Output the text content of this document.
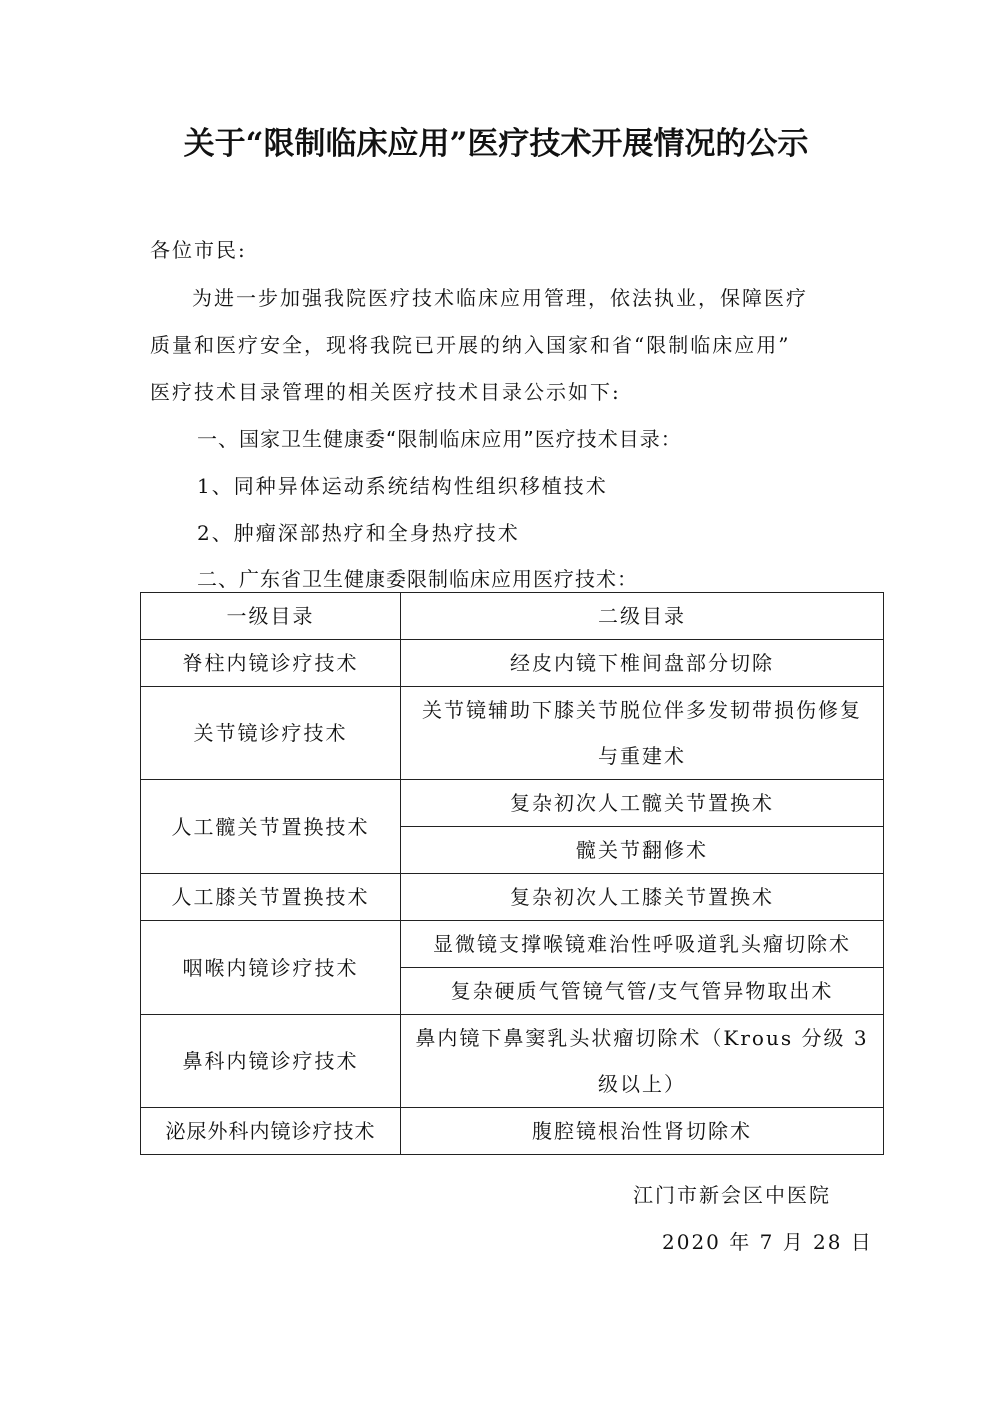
关于“限制临床应用”医疗技术开展情况的公示
各位市民:
为进一步加强我院医疗技术临床应用管理，依法执业，保障医疗
质量和医疗安全，现将我院已开展的纳入国家和省“限制临床应用”
医疗技术目录管理的相关医疗技术目录公示如下:
一、国家卫生健康委“限制临床应用”医疗技术目录：
1、同种异体运动系统结构性组织移植技术
2、肿瘤深部热疗和全身热疗技术
二、广东省卫生健康委限制临床应用医疗技术：
一级目录	二级目录
脊柱内镜诊疗技术	经皮内镜下椎间盘部分切除
关节镜诊疗技术	关节镜辅助下膝关节脱位伴多发韧带损伤修复与重建术
人工髋关节置换技术	复杂初次人工髋关节置换术
	髋关节翻修术
人工膝关节置换技术	复杂初次人工膝关节置换术
咽喉内镜诊疗技术	显微镜支撑喉镜难治性呼吸道乳头瘤切除术
	复杂硬质气管镜气管/支气管异物取出术
鼻科内镜诊疗技术	鼻内镜下鼻窦乳头状瘤切除术（Krous 分级 3 级以上）
泌尿外科内镜诊疗技术	腹腔镜根治性肾切除术
江门市新会区中医院
2020 年 7 月 28 日
